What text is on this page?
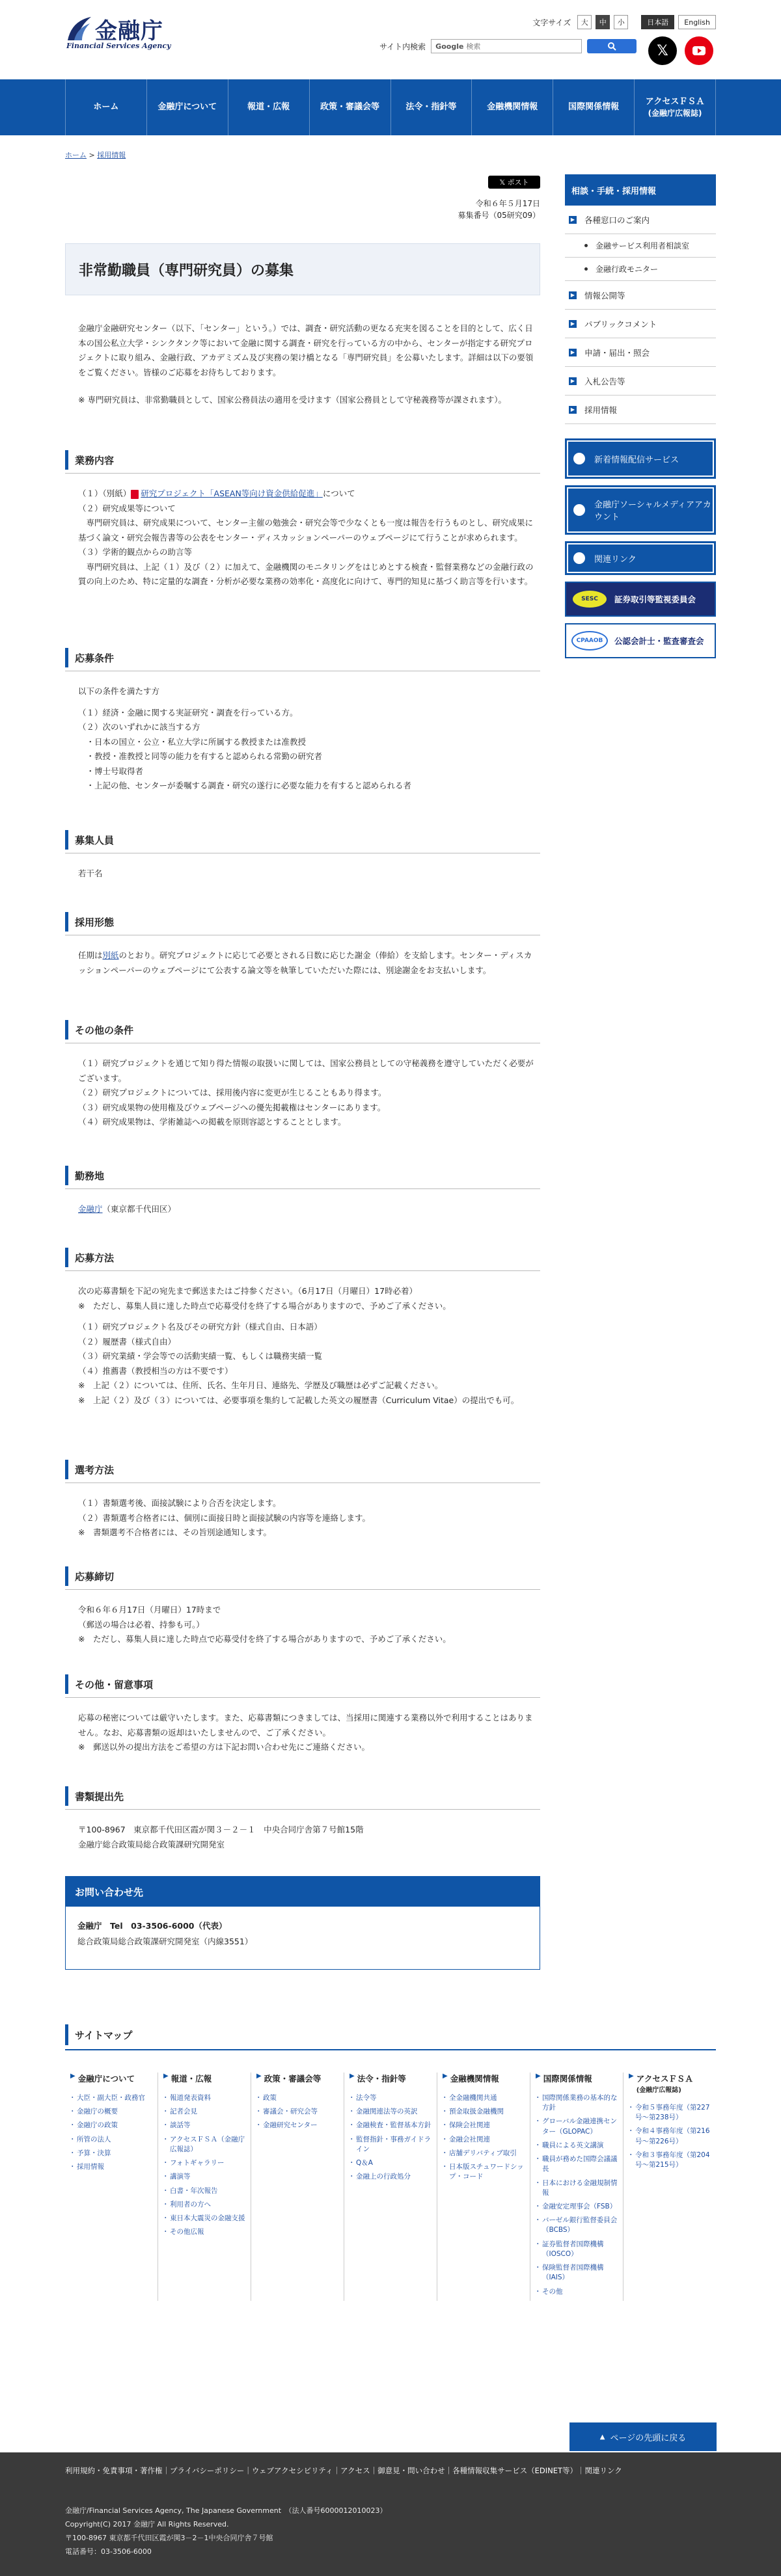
金融庁
Financial Services Agency
文字サイズ	大	中	小	日本語	English
サイト内検索 Google 検索	𝕏
ホーム	金融庁について	報道・広報	政策・審議会等	法令・指針等	金融機関情報	国際関係情報
アクセスＦＳＡ
(金融庁広報誌)
ホーム > 採用情報
𝕏 ポスト
令和６年５月17日
募集番号（05研究09）
非常勤職員（専門研究員）の募集

金融庁金融研究センター（以下、「センター」という。）では、調査・研究活動の更なる充実を図ることを目的として、広く日本の国公私立大学・シンクタンク等において金融に関する調査・研究を行っている方の中から、センターが指定する研究プロジェクトに取り組み、金融行政、アカデミズム及び実務の架け橋となる「専門研究員」を公募いたします。詳細は以下の要領をご覧ください。皆様のご応募をお待ちしております。

※ 専門研究員は、非常勤職員として、国家公務員法の適用を受けます（国家公務員として守秘義務等が課されます）。

業務内容
（１）（別紙） 研究プロジェクト「ASEAN等向け資金供給促進」について
（２）研究成果等について
　専門研究員は、研究成果について、センター主催の勉強会・研究会等で少なくとも一度は報告を行うものとし、研究成果に基づく論文・研究会報告書等の公表をセンター・ディスカッションペーパーのウェブページにて行うことが求められます。
（３）学術的観点からの助言等
　専門研究員は、上記（１）及び（２）に加えて、金融機関のモニタリングをはじめとする検査・監督業務などの金融行政の質の向上のため、特に定量的な調査・分析が必要な業務の効率化・高度化に向けて、専門的知見に基づく助言等を行います。
応募条件
以下の条件を満たす方
（１）経済・金融に関する実証研究・調査を行っている方。
（２）次のいずれかに該当する方
　・日本の国立・公立・私立大学に所属する教授または准教授
　・教授・准教授と同等の能力を有すると認められる常勤の研究者
　・博士号取得者
　・上記の他、センターが委嘱する調査・研究の遂行に必要な能力を有すると認められる者
募集人員
若干名
採用形態
任期は別紙のとおり。研究プロジェクトに応じて必要とされる日数に応じた謝金（俸給）を支給します。センター・ディスカッションペーパーのウェブページにて公表する論文等を執筆していただいた際には、別途謝金をお支払いします。
その他の条件
（１）研究プロジェクトを通じて知り得た情報の取扱いに関しては、国家公務員としての守秘義務を遵守していただく必要がございます。
（２）研究プロジェクトについては、採用後内容に変更が生じることもあり得ます。
（３）研究成果物の使用権及びウェブページへの優先掲載権はセンターにあります。
（４）研究成果物は、学術雑誌への掲載を原則容認とすることとします。
勤務地
金融庁（東京都千代田区）
応募方法
次の応募書類を下記の宛先まで郵送またはご持参ください。（6月17日（月曜日）17時必着）
※　ただし、募集人員に達した時点で応募受付を終了する場合がありますので、予めご了承ください。
（１）研究プロジェクト名及びその研究方針（様式自由、日本語）
（２）履歴書（様式自由）
（３）研究業績・学会等での活動実績一覧、もしくは職務実績一覧
（４）推薦書（教授相当の方は不要です）
※　上記（２）については、住所、氏名、生年月日、連絡先、学歴及び職歴は必ずご記載ください。
※　上記（２）及び（３）については、必要事項を集約して記載した英文の履歴書（Curriculum Vitae）の提出でも可。
選考方法
（１）書類選考後、面接試験により合否を決定します。
（２）書類選考合格者には、個別に面接日時と面接試験の内容等を連絡します。
※　書類選考不合格者には、その旨別途通知します。
応募締切
令和６年６月17日（月曜日）17時まで
（郵送の場合は必着、持参も可。）
※　ただし、募集人員に達した時点で応募受付を終了する場合がありますので、予めご了承ください。
その他・留意事項
応募の秘密については厳守いたします。また、応募書類につきましては、当採用に関連する業務以外で利用することはありません。なお、応募書類の返却はいたしませんので、ご了承ください。
※　郵送以外の提出方法をご希望の方は下記お問い合わせ先にご連絡ください。
書類提出先
〒100-8967　東京都千代田区霞が関３－２－１　中央合同庁舎第７号館15階
金融庁総合政策局総合政策課研究開発室
お問い合わせ先
金融庁　Tel　03-3506-6000（代表）
総合政策局総合政策課研究開発室（内線3551）
相談・手続・採用情報
▶ 各種窓口のご案内
金融サービス利用者相談室
金融行政モニター
▶ 情報公開等
▶ パブリックコメント
▶ 申請・届出・照会
▶ 入札公告等
▶ 採用情報
新着情報配信サービス
金融庁ソーシャルメディアアカウント
関連リンク
SESC	証券取引等監視委員会
CPAAOB	公認会計士・監査審査会
サイトマップ
▶ 金融庁について
・ 大臣・副大臣・政務官
・ 金融庁の概要
・ 金融庁の政策
・ 所管の法人
・ 予算・決算
・ 採用情報
▶ 報道・広報
・ 報道発表資料
・ 記者会見
・ 談話等
・ アクセスＦＳＡ（金融庁広報誌）
・ フォトギャラリー
・ 講演等
・ 白書・年次報告
・ 利用者の方へ
・ 東日本大震災の金融支援
・ その他広報
▶ 政策・審議会等
・ 政策
・ 審議会・研究会等
・ 金融研究センター
▶ 法令・指針等
・ 法令等
・ 金融関連法等の英訳
・ 金融検査・監督基本方針
・ 監督指針・事務ガイドライン
・ Q＆A
・ 金融上の行政処分
▶ 金融機関情報
・ 全金融機関共通
・ 預金取扱金融機関
・ 保険会社関連
・ 金融会社関連
・ 店舗デリバティブ取引
・ 日本版スチュワードシップ・コード
▶ 国際関係情報
・ 国際関係業務の基本的な方針
・ グローバル金融連携センター（GLOPAC）
・ 職員による英文講演
・ 職員が務めた国際会議議長
・ 日本における金融規制情報
・ 金融安定理事会（FSB）
・ バーゼル銀行監督委員会（BCBS）
・ 証券監督者国際機構（IOSCO）
・ 保険監督者国際機構（IAIS）
・ その他
▶ アクセスＦＳＡ
(金融庁広報誌)
・ 令和５事務年度（第227号～第238号）
・ 令和４事務年度（第216号～第226号）
・ 令和３事務年度（第204号～第215号）
▲ ページの先頭に戻る
利用規約・免責事項・著作権｜プライバシーポリシー｜ウェブアクセシビリティ｜アクセス｜御意見・問い合わせ｜各種情報収集サービス（EDINET等）｜関連リンク
金融庁/Financial Services Agency, The Japanese Government　（法人番号6000012010023）
Copyright(C) 2017 金融庁 All Rights Reserved.
〒100-8967 東京都千代田区霞が関3－2－1中央合同庁舎７号館
電話番号：03-3506-6000
